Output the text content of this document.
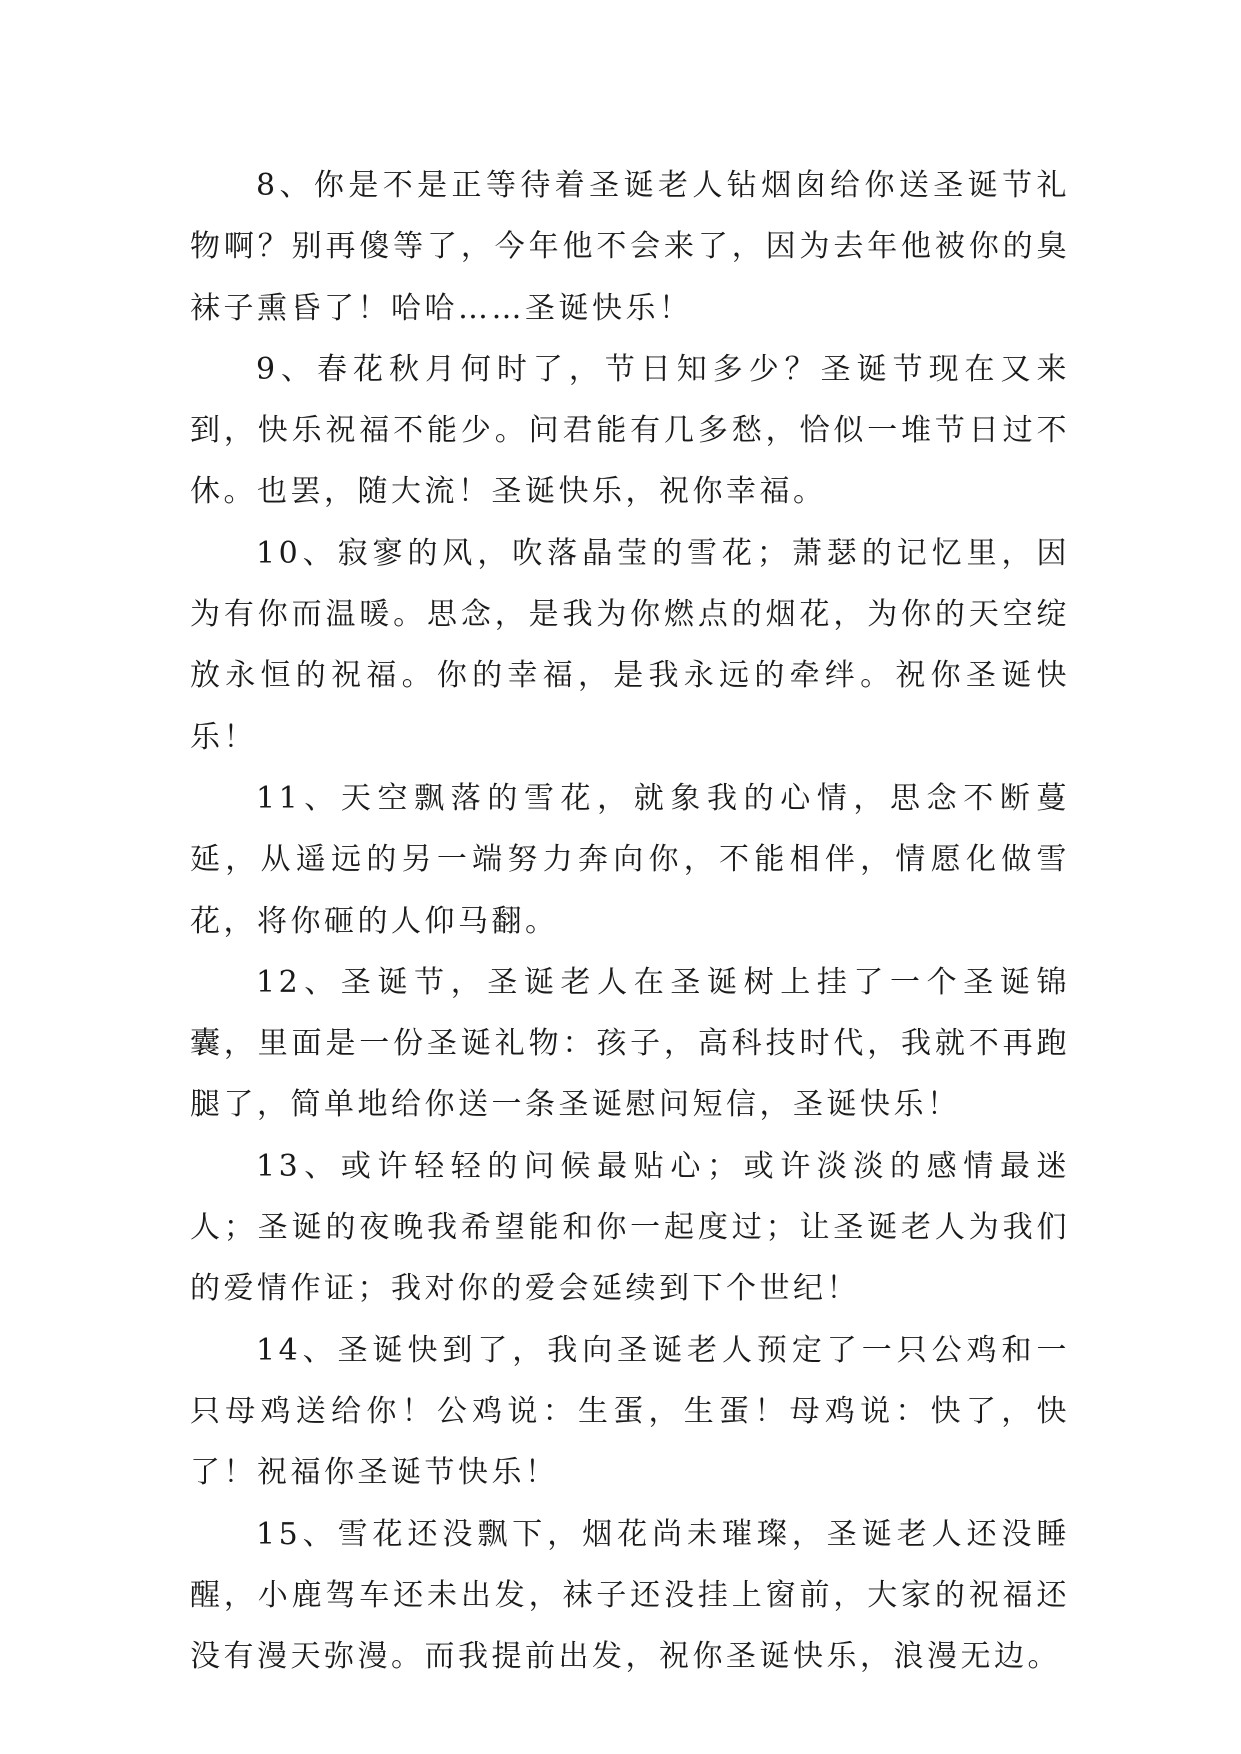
8、你是不是正等待着圣诞老人钻烟囱给你送圣诞节礼物啊？别再傻等了，今年他不会来了，因为去年他被你的臭袜子熏昏了！哈哈……圣诞快乐！

9、春花秋月何时了，节日知多少？圣诞节现在又来到，快乐祝福不能少。问君能有几多愁，恰似一堆节日过不休。也罢，随大流！圣诞快乐，祝你幸福。

10、寂寥的风，吹落晶莹的雪花；萧瑟的记忆里，因为有你而温暖。思念，是我为你燃点的烟花，为你的天空绽放永恒的祝福。你的幸福，是我永远的牵绊。祝你圣诞快乐！

11、天空飘落的雪花，就象我的心情，思念不断蔓延，从遥远的另一端努力奔向你，不能相伴，情愿化做雪花，将你砸的人仰马翻。

12、圣诞节，圣诞老人在圣诞树上挂了一个圣诞锦囊，里面是一份圣诞礼物：孩子，高科技时代，我就不再跑腿了，简单地给你送一条圣诞慰问短信，圣诞快乐！

13、或许轻轻的问候最贴心；或许淡淡的感情最迷人；圣诞的夜晚我希望能和你一起度过；让圣诞老人为我们的爱情作证；我对你的爱会延续到下个世纪！

14、圣诞快到了，我向圣诞老人预定了一只公鸡和一只母鸡送给你！公鸡说：生蛋，生蛋！母鸡说：快了，快了！祝福你圣诞节快乐！

15、雪花还没飘下，烟花尚未璀璨，圣诞老人还没睡醒，小鹿驾车还未出发，袜子还没挂上窗前，大家的祝福还没有漫天弥漫。而我提前出发，祝你圣诞快乐，浪漫无边。
